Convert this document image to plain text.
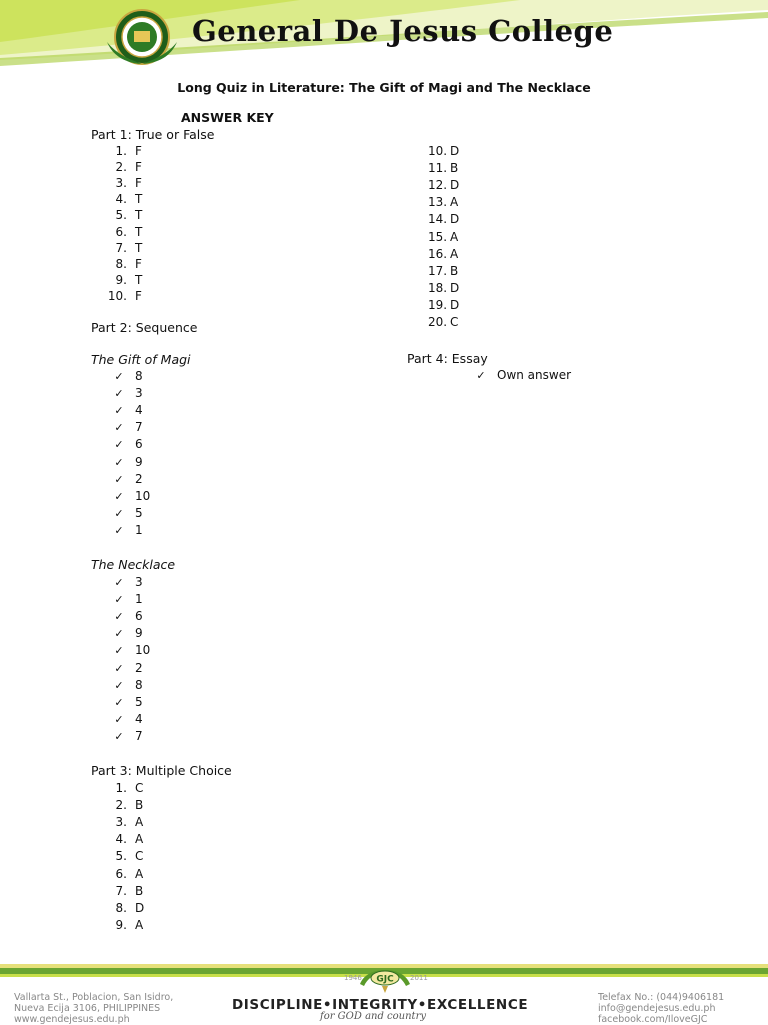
General De Jesus College
Long Quiz in Literature: The Gift of Magi and The Necklace
ANSWER KEY
Part 1: True or False
Part 2: Sequence
The Gift of Magi
The Necklace
Part 3: Multiple Choice
Part 4: Essay
1. F
2. F
3. F
4. T
5. T
6. T
7. T
8. F
9. T
10. F
✓ 8
✓ 3
✓ 4
✓ 7
✓ 6
✓ 9
✓ 2
✓ 10
✓ 5
✓ 1
✓ 3
✓ 1
✓ 6
✓ 9
✓ 10
✓ 2
✓ 8
✓ 5
✓ 4
✓ 7
1. C
2. B
3. A
4. A
5. C
6. A
7. B
8. D
9. A
10. D
11. B
12. D
13. A
14. D
15. A
16. A
17. B
18. D
19. D
20. C
✓ Own answer
GJC
1946	2011
Vallarta St., Poblacion, San Isidro,
Nueva Ecija 3106, PHILIPPINES
www.gendejesus.edu.ph
DISCIPLINE•INTEGRITY•EXCELLENCE
for GOD and country
Telefax No.: (044)9406181
info@gendejesus.edu.ph
facebook.com/IloveGJC
